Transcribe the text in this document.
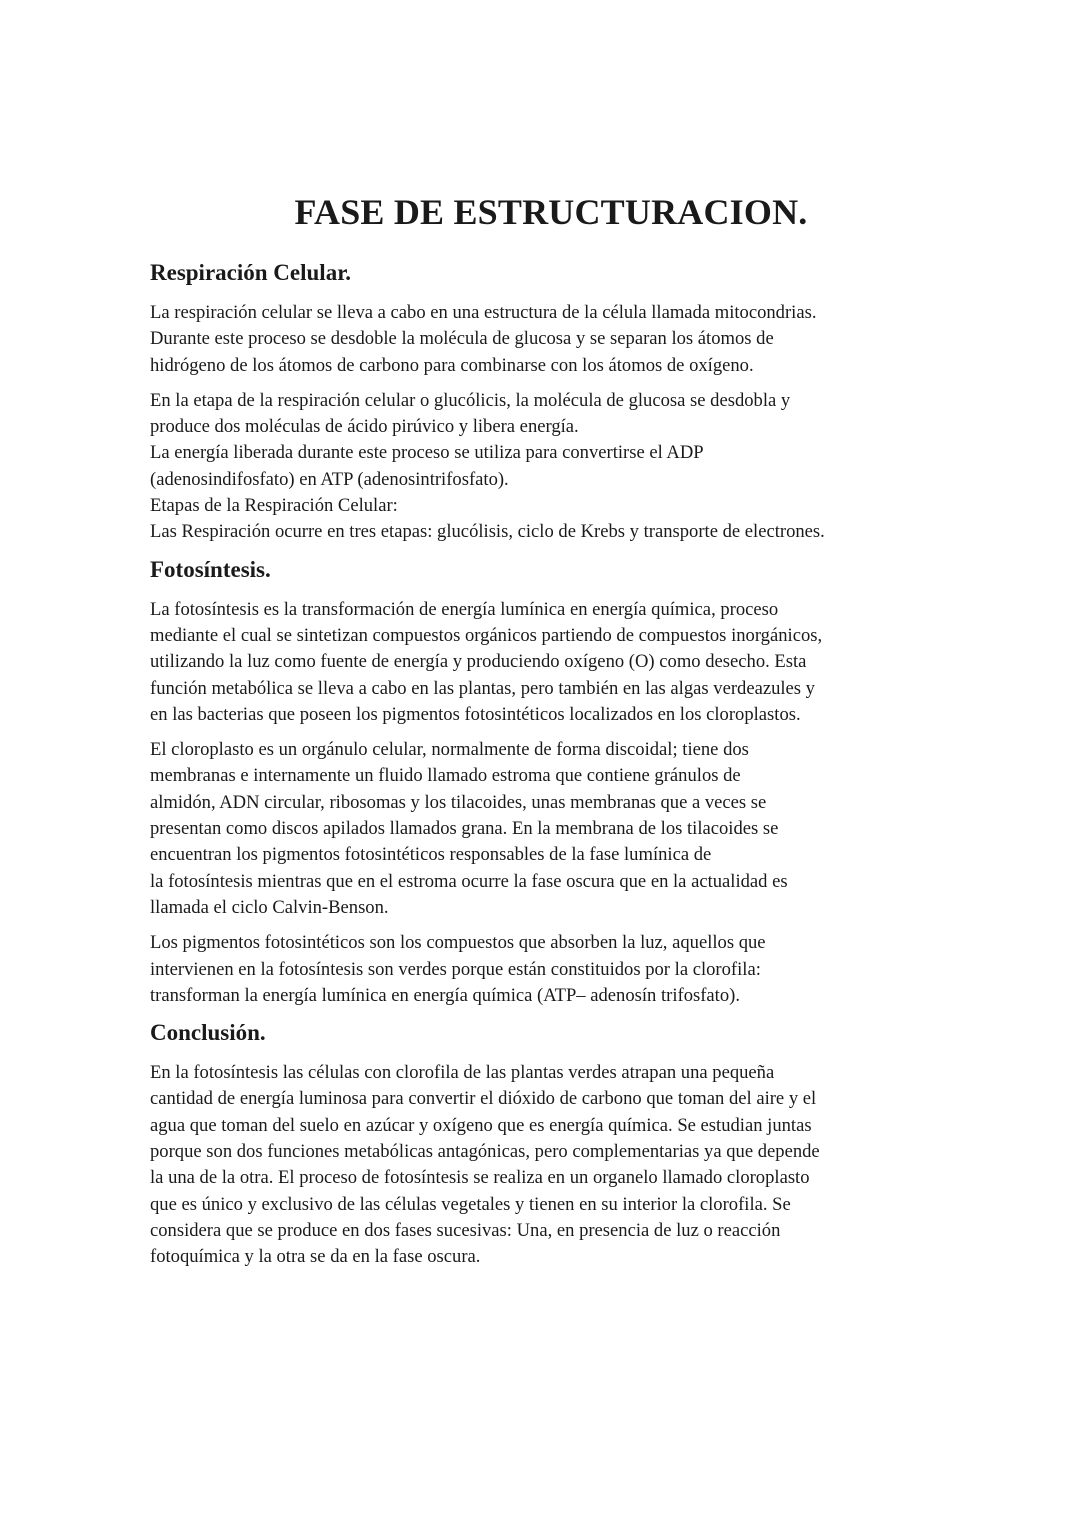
FASE DE ESTRUCTURACION.
Respiración Celular.

La respiración celular se lleva a cabo en una estructura de la célula llamada mitocondrias.
Durante este proceso se desdoble la molécula de glucosa y se separan los átomos de
hidrógeno de los átomos de carbono para combinarse con los átomos de oxígeno.

En la etapa de la respiración celular o glucólicis, la molécula de glucosa se desdobla y
produce dos moléculas de ácido pirúvico y libera energía.
La energía liberada durante este proceso se utiliza para convertirse el ADP
(adenosindifosfato) en ATP (adenosintrifosfato).
Etapas de la Respiración Celular:
Las Respiración ocurre en tres etapas: glucólisis, ciclo de Krebs y transporte de electrones.

Fotosíntesis.

La fotosíntesis es la transformación de energía lumínica en energía química, proceso
mediante el cual se sintetizan compuestos orgánicos partiendo de compuestos inorgánicos,
utilizando la luz como fuente de energía y produciendo oxígeno (O) como desecho. Esta
función metabólica se lleva a cabo en las plantas, pero también en las algas verdeazules y
en las bacterias que poseen los pigmentos fotosintéticos localizados en los cloroplastos.

El cloroplasto es un orgánulo celular, normalmente de forma discoidal; tiene dos
membranas e internamente un fluido llamado estroma que contiene gránulos de
almidón, ADN circular, ribosomas y los tilacoides, unas membranas que a veces se
presentan como discos apilados llamados grana. En la membrana de los tilacoides se
encuentran los pigmentos fotosintéticos responsables de la fase lumínica de
la fotosíntesis mientras que en el estroma ocurre la fase oscura que en la actualidad es
llamada el ciclo Calvin-Benson.

Los pigmentos fotosintéticos son los compuestos que absorben la luz, aquellos que
intervienen en la fotosíntesis son verdes porque están constituidos por la clorofila:
transforman la energía lumínica en energía química (ATP– adenosín trifosfato).

Conclusión.

En la fotosíntesis las células con clorofila de las plantas verdes atrapan una pequeña
cantidad de energía luminosa para convertir el dióxido de carbono que toman del aire y el
agua que toman del suelo en azúcar y oxígeno que es energía química. Se estudian juntas
porque son dos funciones metabólicas antagónicas, pero complementarias ya que depende
la una de la otra. El proceso de fotosíntesis se realiza en un organelo llamado cloroplasto
que es único y exclusivo de las células vegetales y tienen en su interior la clorofila. Se
considera que se produce en dos fases sucesivas: Una, en presencia de luz o reacción
fotoquímica y la otra se da en la fase oscura.
